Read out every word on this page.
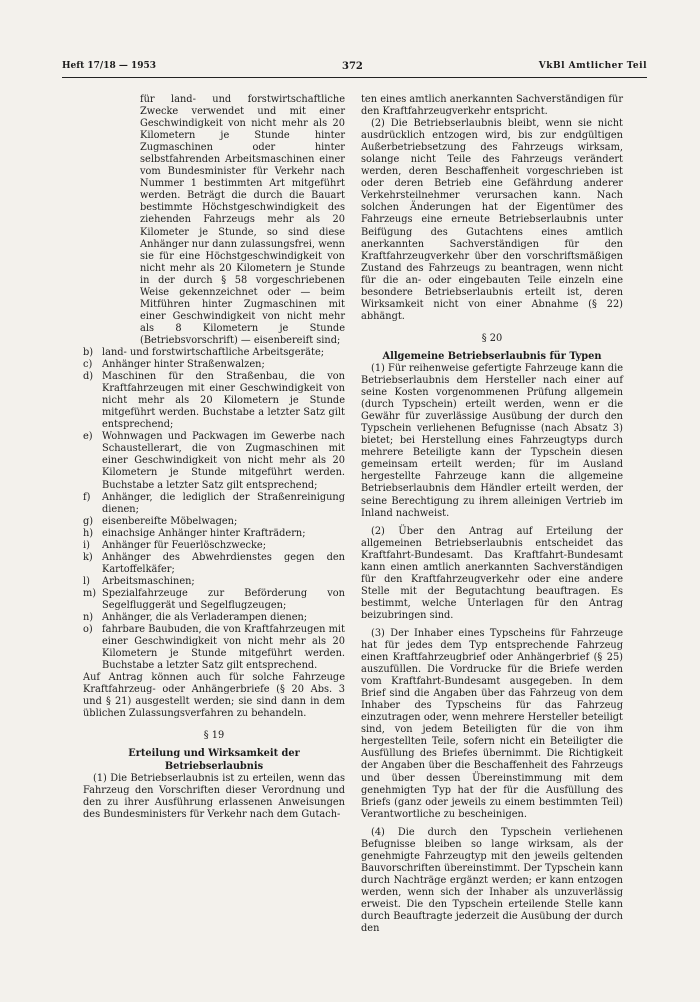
Heft 17/18 — 1953	372	VkBl Amtlicher Teil

für land- und forstwirtschaftliche Zwecke verwendet und mit einer Geschwindigkeit von nicht mehr als 20 Kilometern je Stunde hinter Zugmaschinen oder hinter selbstfahrenden Arbeitsmaschinen einer vom Bundesminister für Verkehr nach Nummer 1 bestimmten Art mitgeführt werden. Beträgt die durch die Bauart bestimmte Höchstgeschwindigkeit des ziehenden Fahrzeugs mehr als 20 Kilometer je Stunde, so sind diese Anhänger nur dann zulassungsfrei, wenn sie für eine Höchstgeschwindigkeit von nicht mehr als 20 Kilometern je Stunde in der durch § 58 vorgeschriebenen Weise gekennzeichnet oder — beim Mitführen hinter Zugmaschinen mit einer Geschwindigkeit von nicht mehr als 8 Kilometern je Stunde (Betriebsvorschrift) — eisenbereift sind;

b) land- und forstwirtschaftliche Arbeitsgeräte;
c) Anhänger hinter Straßenwalzen;
d) Maschinen für den Straßenbau, die von Kraftfahrzeugen mit einer Geschwindigkeit von nicht mehr als 20 Kilometern je Stunde mitgeführt werden. Buchstabe a letzter Satz gilt entsprechend;
e) Wohnwagen und Packwagen im Gewerbe nach Schaustellerart, die von Zugmaschinen mit einer Geschwindigkeit von nicht mehr als 20 Kilometern je Stunde mitgeführt werden. Buchstabe a letzter Satz gilt entsprechend;
f)	Anhänger, die lediglich der Straßenreinigung dienen;
g) eisenbereifte Möbelwagen;
h) einachsige Anhänger hinter Krafträdern;
i)	Anhänger für Feuerlöschzwecke;
k) Anhänger des Abwehrdienstes gegen den Kartoffelkäfer;
l)	Arbeitsmaschinen;
m) Spezialfahrzeuge zur Beförderung von Segelfluggerät und Segelflugzeugen;
n) Anhänger, die als Verladerampen dienen;
o) fahrbare Baubuden, die von Kraftfahrzeugen mit einer Geschwindigkeit von nicht mehr als 20 Kilometern je Stunde mitgeführt werden. Buchstabe a letzter Satz gilt entsprechend.

Auf Antrag können auch für solche Fahrzeuge Kraftfahrzeug- oder Anhängerbriefe (§ 20 Abs. 3 und § 21) ausgestellt werden; sie sind dann in dem üblichen Zulassungsverfahren zu behandeln.

§ 19

Erteilung und Wirksamkeit der Betriebserlaubnis

(1) Die Betriebserlaubnis ist zu erteilen, wenn das Fahrzeug den Vorschriften dieser Verordnung und den zu ihrer Ausführung erlassenen Anweisungen des Bundesministers für Verkehr nach dem Gutach-

ten eines amtlich anerkannten Sachverständigen für den Kraftfahrzeugverkehr entspricht.

(2) Die Betriebserlaubnis bleibt, wenn sie nicht ausdrücklich entzogen wird, bis zur endgültigen Außerbetriebsetzung des Fahrzeugs wirksam, solange nicht Teile des Fahrzeugs verändert werden, deren Beschaffenheit vorgeschrieben ist oder deren Betrieb eine Gefährdung anderer Verkehrsteilnehmer verursachen kann. Nach solchen Änderungen hat der Eigentümer des Fahrzeugs eine erneute Betriebserlaubnis unter Beifügung des Gutachtens eines amtlich anerkannten Sachverständigen für den Kraftfahrzeugverkehr über den vorschriftsmäßigen Zustand des Fahrzeugs zu beantragen, wenn nicht für die an- oder eingebauten Teile einzeln eine besondere Betriebserlaubnis erteilt ist, deren Wirksamkeit nicht von einer Abnahme (§ 22) abhängt.

§ 20

Allgemeine Betriebserlaubnis für Typen

(1) Für reihenweise gefertigte Fahrzeuge kann die Betriebserlaubnis dem Hersteller nach einer auf seine Kosten vorgenommenen Prüfung allgemein (durch Typschein) erteilt werden, wenn er die Gewähr für zuverlässige Ausübung der durch den Typschein verliehenen Befugnisse (nach Absatz 3) bietet; bei Herstellung eines Fahrzeugtyps durch mehrere Beteiligte kann der Typschein diesen gemeinsam erteilt werden; für im Ausland hergestellte Fahrzeuge kann die allgemeine Betriebserlaubnis dem Händler erteilt werden, der seine Berechtigung zu ihrem alleinigen Vertrieb im Inland nachweist.

(2) Über den Antrag auf Erteilung der allgemeinen Betriebserlaubnis entscheidet das Kraftfahrt-Bundesamt. Das Kraftfahrt-Bundesamt kann einen amtlich anerkannten Sachverständigen für den Kraftfahrzeugverkehr oder eine andere Stelle mit der Begutachtung beauftragen. Es bestimmt, welche Unterlagen für den Antrag beizubringen sind.

(3) Der Inhaber eines Typscheins für Fahrzeuge hat für jedes dem Typ entsprechende Fahrzeug einen Kraftfahrzeugbrief oder Anhängerbrief (§ 25) auszufüllen. Die Vordrucke für die Briefe werden vom Kraftfahrt-Bundesamt ausgegeben. In dem Brief sind die Angaben über das Fahrzeug von dem Inhaber des Typscheins für das Fahrzeug einzutragen oder, wenn mehrere Hersteller beteiligt sind, von jedem Beteiligten für die von ihm hergestellten Teile, sofern nicht ein Beteiligter die Ausfüllung des Briefes übernimmt. Die Richtigkeit der Angaben über die Beschaffenheit des Fahrzeugs und über dessen Übereinstimmung mit dem genehmigten Typ hat der für die Ausfüllung des Briefs (ganz oder jeweils zu einem bestimmten Teil) Verantwortliche zu bescheinigen.

(4) Die durch den Typschein verliehenen Befugnisse bleiben so lange wirksam, als der genehmigte Fahrzeugtyp mit den jeweils geltenden Bauvorschriften übereinstimmt. Der Typschein kann durch Nachträge ergänzt werden; er kann entzogen werden, wenn sich der Inhaber als unzuverlässig erweist. Die den Typschein erteilende Stelle kann durch Beauftragte jederzeit die Ausübung der durch den
